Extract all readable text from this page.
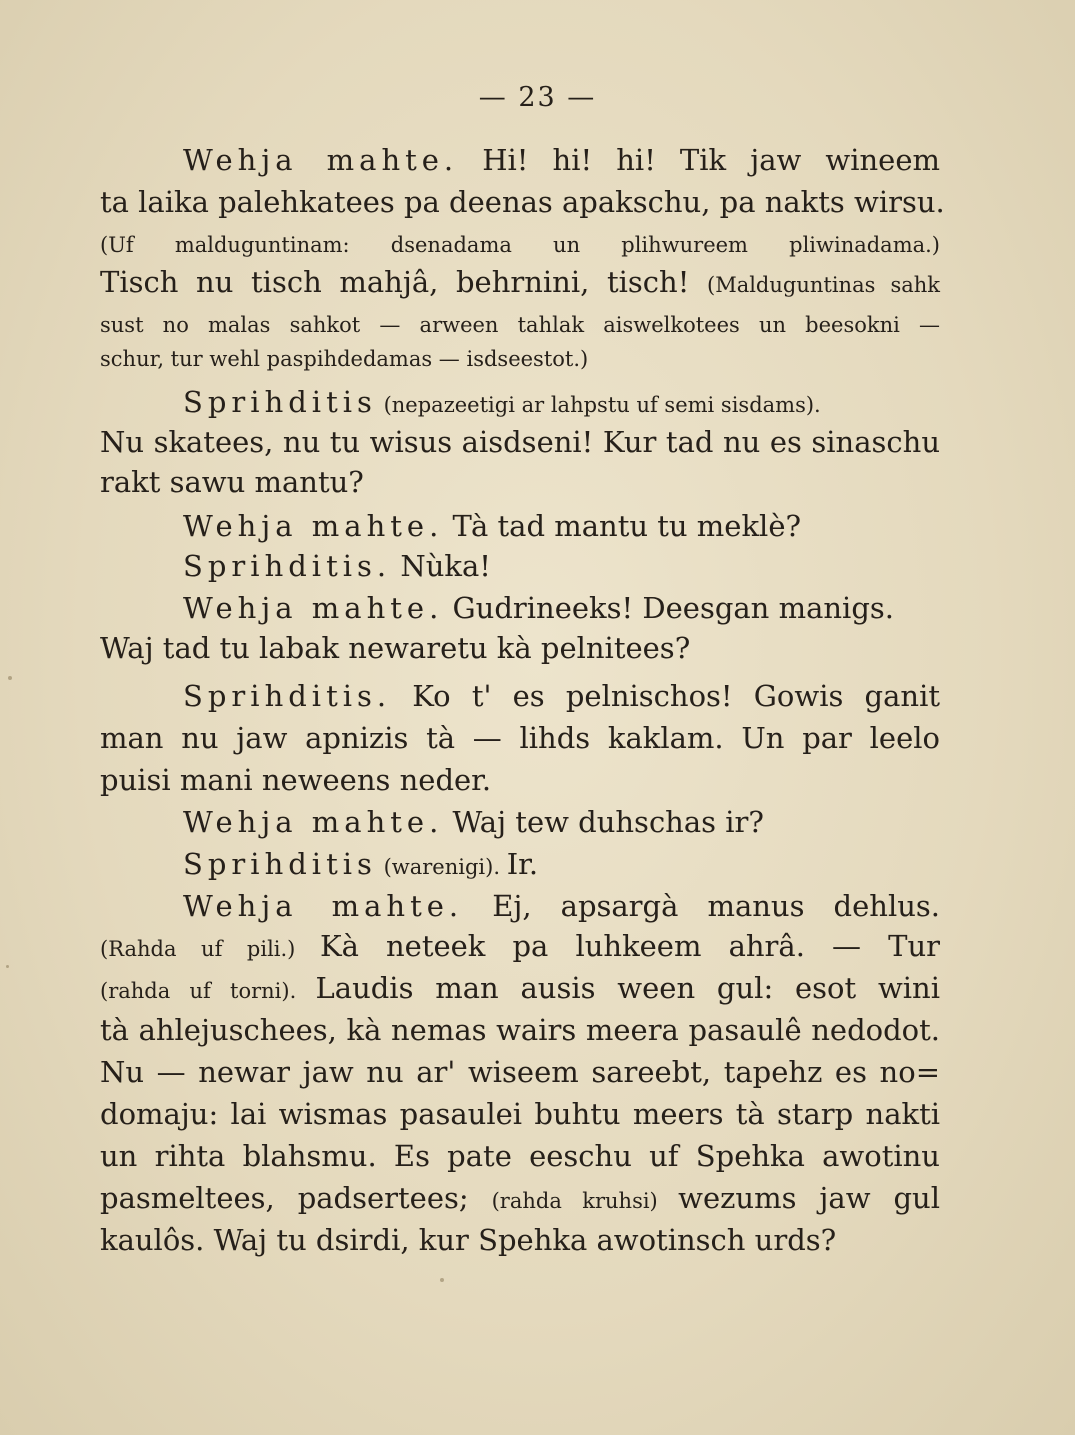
— 23 —
Wehja mahte. Hi! hi! hi! Tik jaw wineem
ta laika palehkatees pa deenas apakschu, pa nakts wirsu.
(Uf malduguntinam: dsenadama un plihwureem pliwinadama.)
Tisch nu tisch mahjâ, behrnini, tisch! (Malduguntinas sahk
sust no malas sahkot — arween tahlak aiswelkotees un beesokni —
schur, tur wehl paspihdedamas — isdseestot.)
Sprihditis (nepazeetigi ar lahpstu uf semi sisdams).
Nu skatees, nu tu wisus aisdseni! Kur tad nu es sinaschu
rakt sawu mantu?
Wehja mahte. Tà tad mantu tu meklè?
Sprihditis. Nùka!
Wehja mahte. Gudrineeks! Deesgan manigs.
Waj tad tu labak newaretu kà pelnitees?
Sprihditis. Ko t' es pelnischos! Gowis ganit
man nu jaw apnizis tà — lihds kaklam. Un par leelo
puisi mani neweens neder.
Wehja mahte. Waj tew duhschas ir?
Sprihditis (warenigi). Ir.
Wehja mahte. Ej, apsargà manus dehlus.
(Rahda uf pili.) Kà neteek pa luhkeem ahrâ. — Tur
(rahda uf torni). Laudis man ausis ween gul: esot wini
tà ahlejuschees, kà nemas wairs meera pasaulê nedodot.
Nu — newar jaw nu ar' wiseem sareebt, tapehz es no=
domaju: lai wismas pasaulei buhtu meers tà starp nakti
un rihta blahsmu. Es pate eeschu uf Spehka awotinu
pasmeltees, padsertees; (rahda kruhsi) wezums jaw gul
kaulôs. Waj tu dsirdi, kur Spehka awotinsch urds?
